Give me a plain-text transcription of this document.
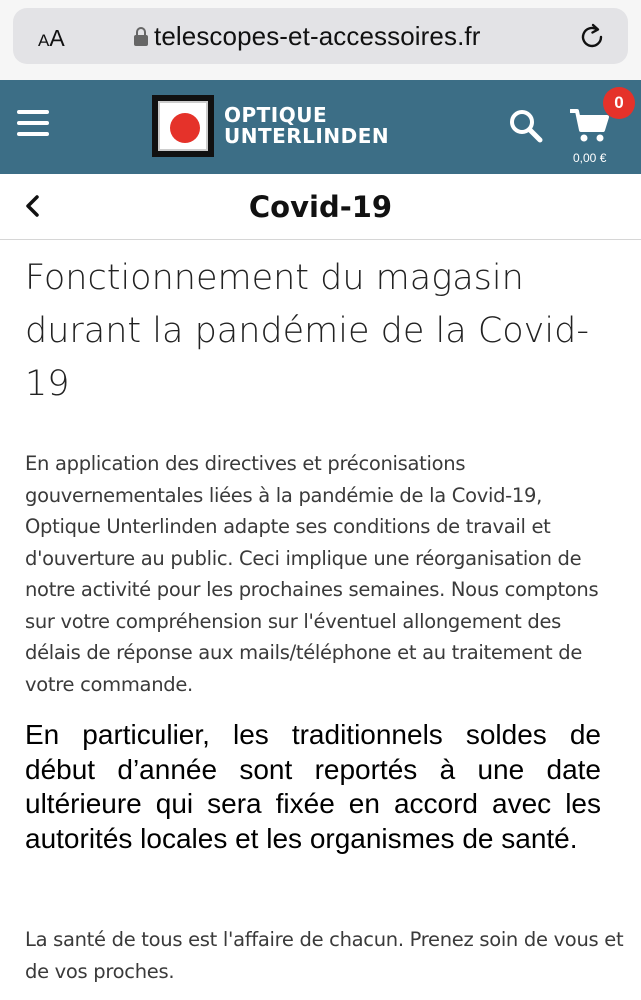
AA	telescopes-et-accessoires.fr
OPTIQUE
UNTERLINDEN
0
0,00 €
Covid-19
Fonctionnement du magasin durant la pandémie de la Covid-19

En application des directives et préconisations gouvernementales liées à la pandémie de la Covid-19, Optique Unterlinden adapte ses conditions de travail et d'ouverture au public. Ceci implique une réorganisation de notre activité pour les prochaines semaines. Nous comptons sur votre compréhension sur l'éventuel allongement des délais de réponse aux mails/téléphone et au traitement de votre commande.

En particulier, les traditionnels soldes de début d’année sont reportés à une date ultérieure qui sera fixée en accord avec les autorités locales et les organismes de santé.

La santé de tous est l'affaire de chacun. Prenez soin de vous et de vos proches.
